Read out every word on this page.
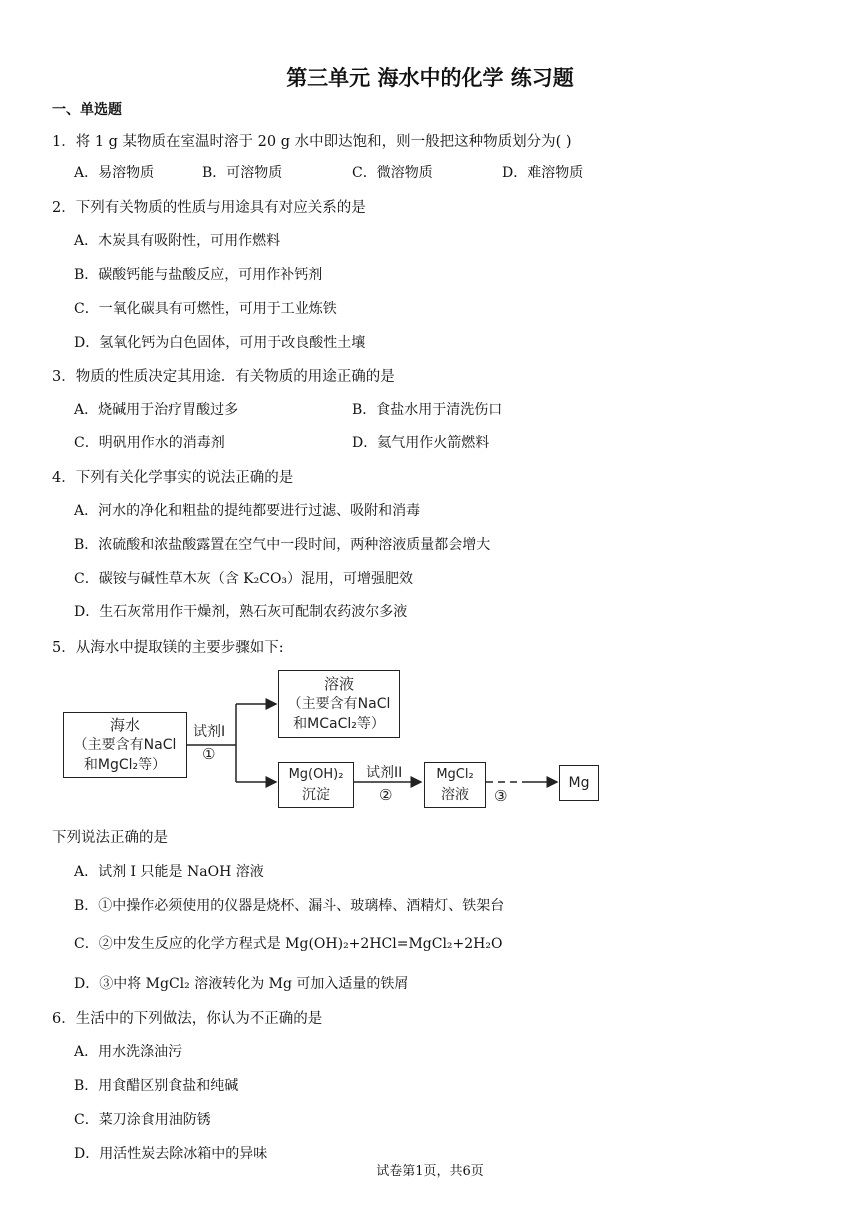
第三单元 海水中的化学 练习题
一、单选题
1．将 1 g 某物质在室温时溶于 20 g 水中即达饱和，则一般把这种物质划分为( )
A．易溶物质	B．可溶物质	C．微溶物质	D．难溶物质
2．下列有关物质的性质与用途具有对应关系的是
A．木炭具有吸附性，可用作燃料
B．碳酸钙能与盐酸反应，可用作补钙剂
C．一氧化碳具有可燃性，可用于工业炼铁
D．氢氧化钙为白色固体，可用于改良酸性土壤
3．物质的性质决定其用途．有关物质的用途正确的是
A．烧碱用于治疗胃酸过多	B．食盐水用于清洗伤口
C．明矾用作水的消毒剂	D．氦气用作火箭燃料
4．下列有关化学事实的说法正确的是
A．河水的净化和粗盐的提纯都要进行过滤、吸附和消毒
B．浓硫酸和浓盐酸露置在空气中一段时间，两种溶液质量都会增大
C．碳铵与碱性草木灰（含 K₂CO₃）混用，可增强肥效
D．生石灰常用作干燥剂，熟石灰可配制农药波尔多液
5．从海水中提取镁的主要步骤如下:
海水
（主要含有NaCl
和MgCl₂等）
溶液
（主要含有NaCl
和MCaCl₂等）
试剂I
①
Mg(OH)₂
沉淀
试剂II
②
MgCl₂
溶液	③
Mg
下列说法正确的是
A．试剂 I 只能是 NaOH 溶液
B．①中操作必须使用的仪器是烧杯、漏斗、玻璃棒、酒精灯、铁架台
C．②中发生反应的化学方程式是 Mg(OH)₂+2HCl=MgCl₂+2H₂O
D．③中将 MgCl₂ 溶液转化为 Mg 可加入适量的铁屑
6．生活中的下列做法，你认为不正确的是
A．用水洗涤油污
B．用食醋区别食盐和纯碱
C．菜刀涂食用油防锈
D．用活性炭去除冰箱中的异味
试卷第1页，共6页
